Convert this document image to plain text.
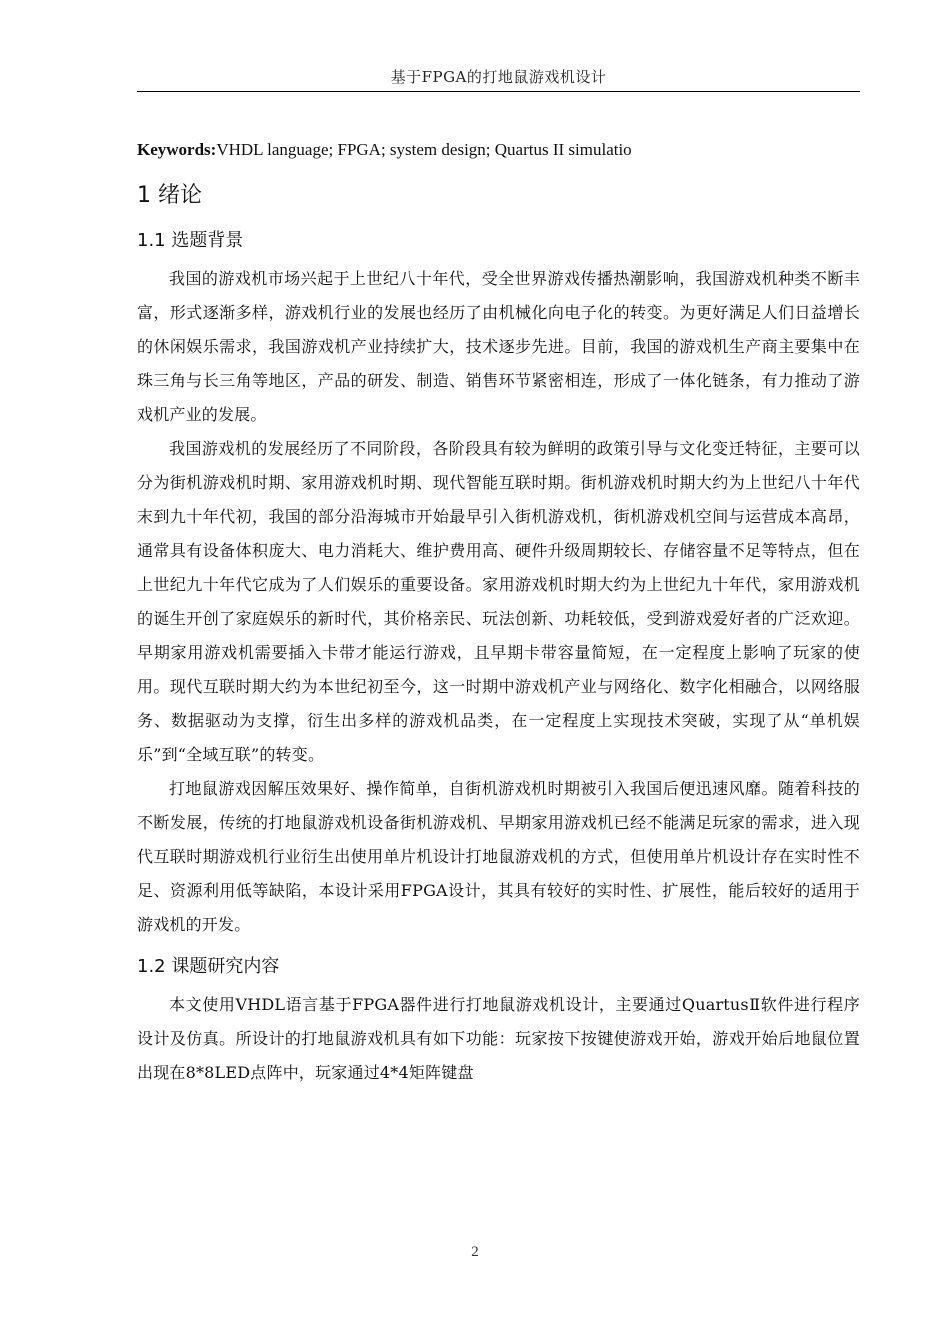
基于FPGA的打地鼠游戏机设计

Keywords:VHDL language; FPGA; system design; Quartus II simulatio

1 绪论
1.1 选题背景

我国的游戏机市场兴起于上世纪八十年代，受全世界游戏传播热潮影响，我国游戏机种类不断丰富，形式逐渐多样，游戏机行业的发展也经历了由机械化向电子化的转变。为更好满足人们日益增长的休闲娱乐需求，我国游戏机产业持续扩大，技术逐步先进。目前，我国的游戏机生产商主要集中在珠三角与长三角等地区，产品的研发、制造、销售环节紧密相连，形成了一体化链条，有力推动了游戏机产业的发展。

我国游戏机的发展经历了不同阶段，各阶段具有较为鲜明的政策引导与文化变迁特征，主要可以分为街机游戏机时期、家用游戏机时期、现代智能互联时期。街机游戏机时期大约为上世纪八十年代末到九十年代初，我国的部分沿海城市开始最早引入街机游戏机，街机游戏机空间与运营成本高昂，通常具有设备体积庞大、电力消耗大、维护费用高、硬件升级周期较长、存储容量不足等特点，但在上世纪九十年代它成为了人们娱乐的重要设备。家用游戏机时期大约为上世纪九十年代，家用游戏机的诞生开创了家庭娱乐的新时代，其价格亲民、玩法创新、功耗较低，受到游戏爱好者的广泛欢迎。早期家用游戏机需要插入卡带才能运行游戏，且早期卡带容量简短，在一定程度上影响了玩家的使用。现代互联时期大约为本世纪初至今，这一时期中游戏机产业与网络化、数字化相融合，以网络服务、数据驱动为支撑，衍生出多样的游戏机品类，在一定程度上实现技术突破，实现了从“单机娱乐”到“全域互联”的转变。

打地鼠游戏因解压效果好、操作简单，自街机游戏机时期被引入我国后便迅速风靡。随着科技的不断发展，传统的打地鼠游戏机设备街机游戏机、早期家用游戏机已经不能满足玩家的需求，进入现代互联时期游戏机行业衍生出使用单片机设计打地鼠游戏机的方式，但使用单片机设计存在实时性不足、资源利用低等缺陷，本设计采用FPGA设计，其具有较好的实时性、扩展性，能后较好的适用于游戏机的开发。

1.2 课题研究内容

本文使用VHDL语言基于FPGA器件进行打地鼠游戏机设计，主要通过QuartusⅡ软件进行程序设计及仿真。所设计的打地鼠游戏机具有如下功能：玩家按下按键使游戏开始，游戏开始后地鼠位置出现在8*8LED点阵中，玩家通过4*4矩阵键盘

2
